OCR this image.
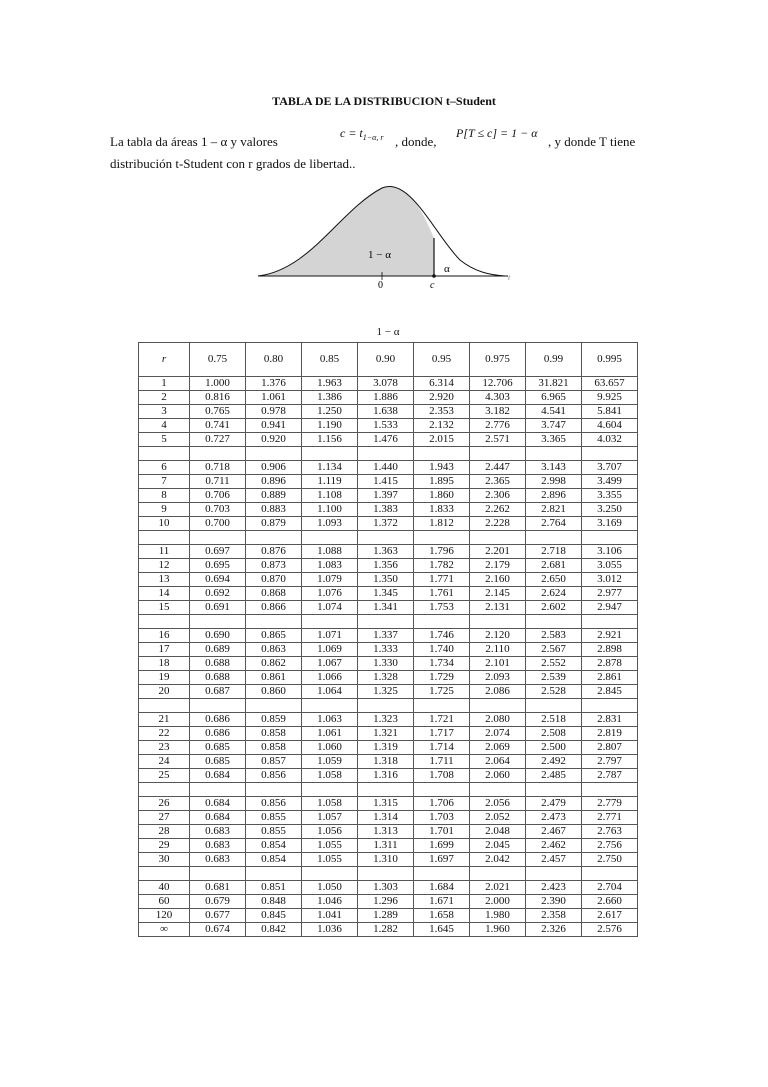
TABLA DE LA DISTRIBUCION t–Student
La tabla da áreas 1 – α y valores
$c = t_{1-\alpha, r}$ , donde,
P[T ≤ c] = 1 − α
, y donde T tiene
distribución t-Student con r grados de libertad..
1 − α
α
0	c
t
1 − α
r	0.75	0.80	0.85	0.90	0.95	0.975	0.99	0.995
1	1.000	1.376	1.963	3.078	6.314	12.706	31.821	63.657
2	0.816	1.061	1.386	1.886	2.920	4.303	6.965	9.925
3	0.765	0.978	1.250	1.638	2.353	3.182	4.541	5.841
4	0.741	0.941	1.190	1.533	2.132	2.776	3.747	4.604
5	0.727	0.920	1.156	1.476	2.015	2.571	3.365	4.032

6	0.718	0.906	1.134	1.440	1.943	2.447	3.143	3.707
7	0.711	0.896	1.119	1.415	1.895	2.365	2.998	3.499
8	0.706	0.889	1.108	1.397	1.860	2.306	2.896	3.355
9	0.703	0.883	1.100	1.383	1.833	2.262	2.821	3.250
10	0.700	0.879	1.093	1.372	1.812	2.228	2.764	3.169

11	0.697	0.876	1.088	1.363	1.796	2.201	2.718	3.106
12	0.695	0.873	1.083	1.356	1.782	2.179	2.681	3.055
13	0.694	0.870	1.079	1.350	1.771	2.160	2.650	3.012
14	0.692	0.868	1.076	1.345	1.761	2.145	2.624	2.977
15	0.691	0.866	1.074	1.341	1.753	2.131	2.602	2.947

16	0.690	0.865	1.071	1.337	1.746	2.120	2.583	2.921
17	0.689	0.863	1.069	1.333	1.740	2.110	2.567	2.898
18	0.688	0.862	1.067	1.330	1.734	2.101	2.552	2.878
19	0.688	0.861	1.066	1.328	1.729	2.093	2.539	2.861
20	0.687	0.860	1.064	1.325	1.725	2.086	2.528	2.845

21	0.686	0.859	1.063	1.323	1.721	2.080	2.518	2.831
22	0.686	0.858	1.061	1.321	1.717	2.074	2.508	2.819
23	0.685	0.858	1.060	1.319	1.714	2.069	2.500	2.807
24	0.685	0.857	1.059	1.318	1.711	2.064	2.492	2.797
25	0.684	0.856	1.058	1.316	1.708	2.060	2.485	2.787

26	0.684	0.856	1.058	1.315	1.706	2.056	2.479	2.779
27	0.684	0.855	1.057	1.314	1.703	2.052	2.473	2.771
28	0.683	0.855	1.056	1.313	1.701	2.048	2.467	2.763
29	0.683	0.854	1.055	1.311	1.699	2.045	2.462	2.756
30	0.683	0.854	1.055	1.310	1.697	2.042	2.457	2.750

40	0.681	0.851	1.050	1.303	1.684	2.021	2.423	2.704
60	0.679	0.848	1.046	1.296	1.671	2.000	2.390	2.660
120	0.677	0.845	1.041	1.289	1.658	1.980	2.358	2.617
∞	0.674	0.842	1.036	1.282	1.645	1.960	2.326	2.576
